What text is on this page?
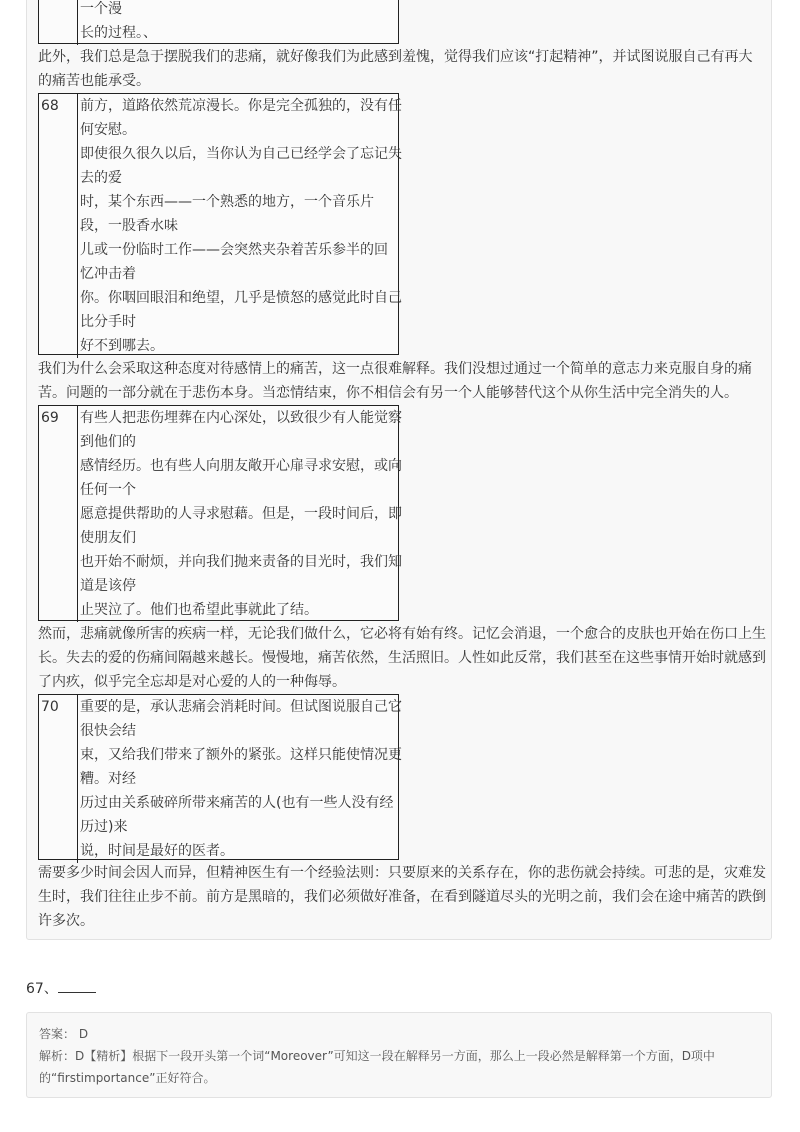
一个漫
长的过程。、

此外，我们总是急于摆脱我们的悲痛，就好像我们为此感到羞愧，觉得我们应该“打起精神”，并试图说服自己有再大的痛苦也能承受。

68	前方，道路依然荒凉漫长。你是完全孤独的，没有任
何安慰。
即使很久很久以后，当你认为自己已经学会了忘记失
去的爱
时，某个东西——一个熟悉的地方，一个音乐片
段，一股香水味
儿或一份临时工作——会突然夹杂着苦乐参半的回
忆冲击着
你。你咽回眼泪和绝望，几乎是愤怒的感觉此时自己
比分手时
好不到哪去。

我们为什么会采取这种态度对待感情上的痛苦，这一点很难解释。我们没想过通过一个简单的意志力来克服自身的痛苦。问题的一部分就在于悲伤本身。当恋情结束，你不相信会有另一个人能够替代这个从你生活中完全消失的人。

69	有些人把悲伤埋葬在内心深处，以致很少有人能觉察
到他们的
感情经历。也有些人向朋友敞开心扉寻求安慰，或向
任何一个
愿意提供帮助的人寻求慰藉。但是，一段时间后，即
使朋友们
也开始不耐烦，并向我们抛来责备的目光时，我们知
道是该停
止哭泣了。他们也希望此事就此了结。

然而，悲痛就像所害的疾病一样，无论我们做什么，它必将有始有终。记忆会消退，一个愈合的皮肤也开始在伤口上生长。失去的爱的伤痛间隔越来越长。慢慢地，痛苦依然，生活照旧。人性如此反常，我们甚至在这些事情开始时就感到了内疚，似乎完全忘却是对心爱的人的一种侮辱。

70	重要的是，承认悲痛会消耗时间。但试图说服自己它
很快会结
束，又给我们带来了额外的紧张。这样只能使情况更
糟。对经
历过由关系破碎所带来痛苦的人(也有一些人没有经
历过)来
说，时间是最好的医者。

需要多少时间会因人而异，但精神医生有一个经验法则：只要原来的关系存在，你的悲伤就会持续。可悲的是，灾难发生时，我们往往止步不前。前方是黑暗的，我们必须做好准备，在看到隧道尽头的光明之前，我们会在途中痛苦的跌倒许多次。

67、
答案： D
解析：D【精析】根据下一段开头第一个词“Moreover”可知这一段在解释另一方面，那么上一段必然是解释第一个方面，D项中
的“firstimportance”正好符合。
